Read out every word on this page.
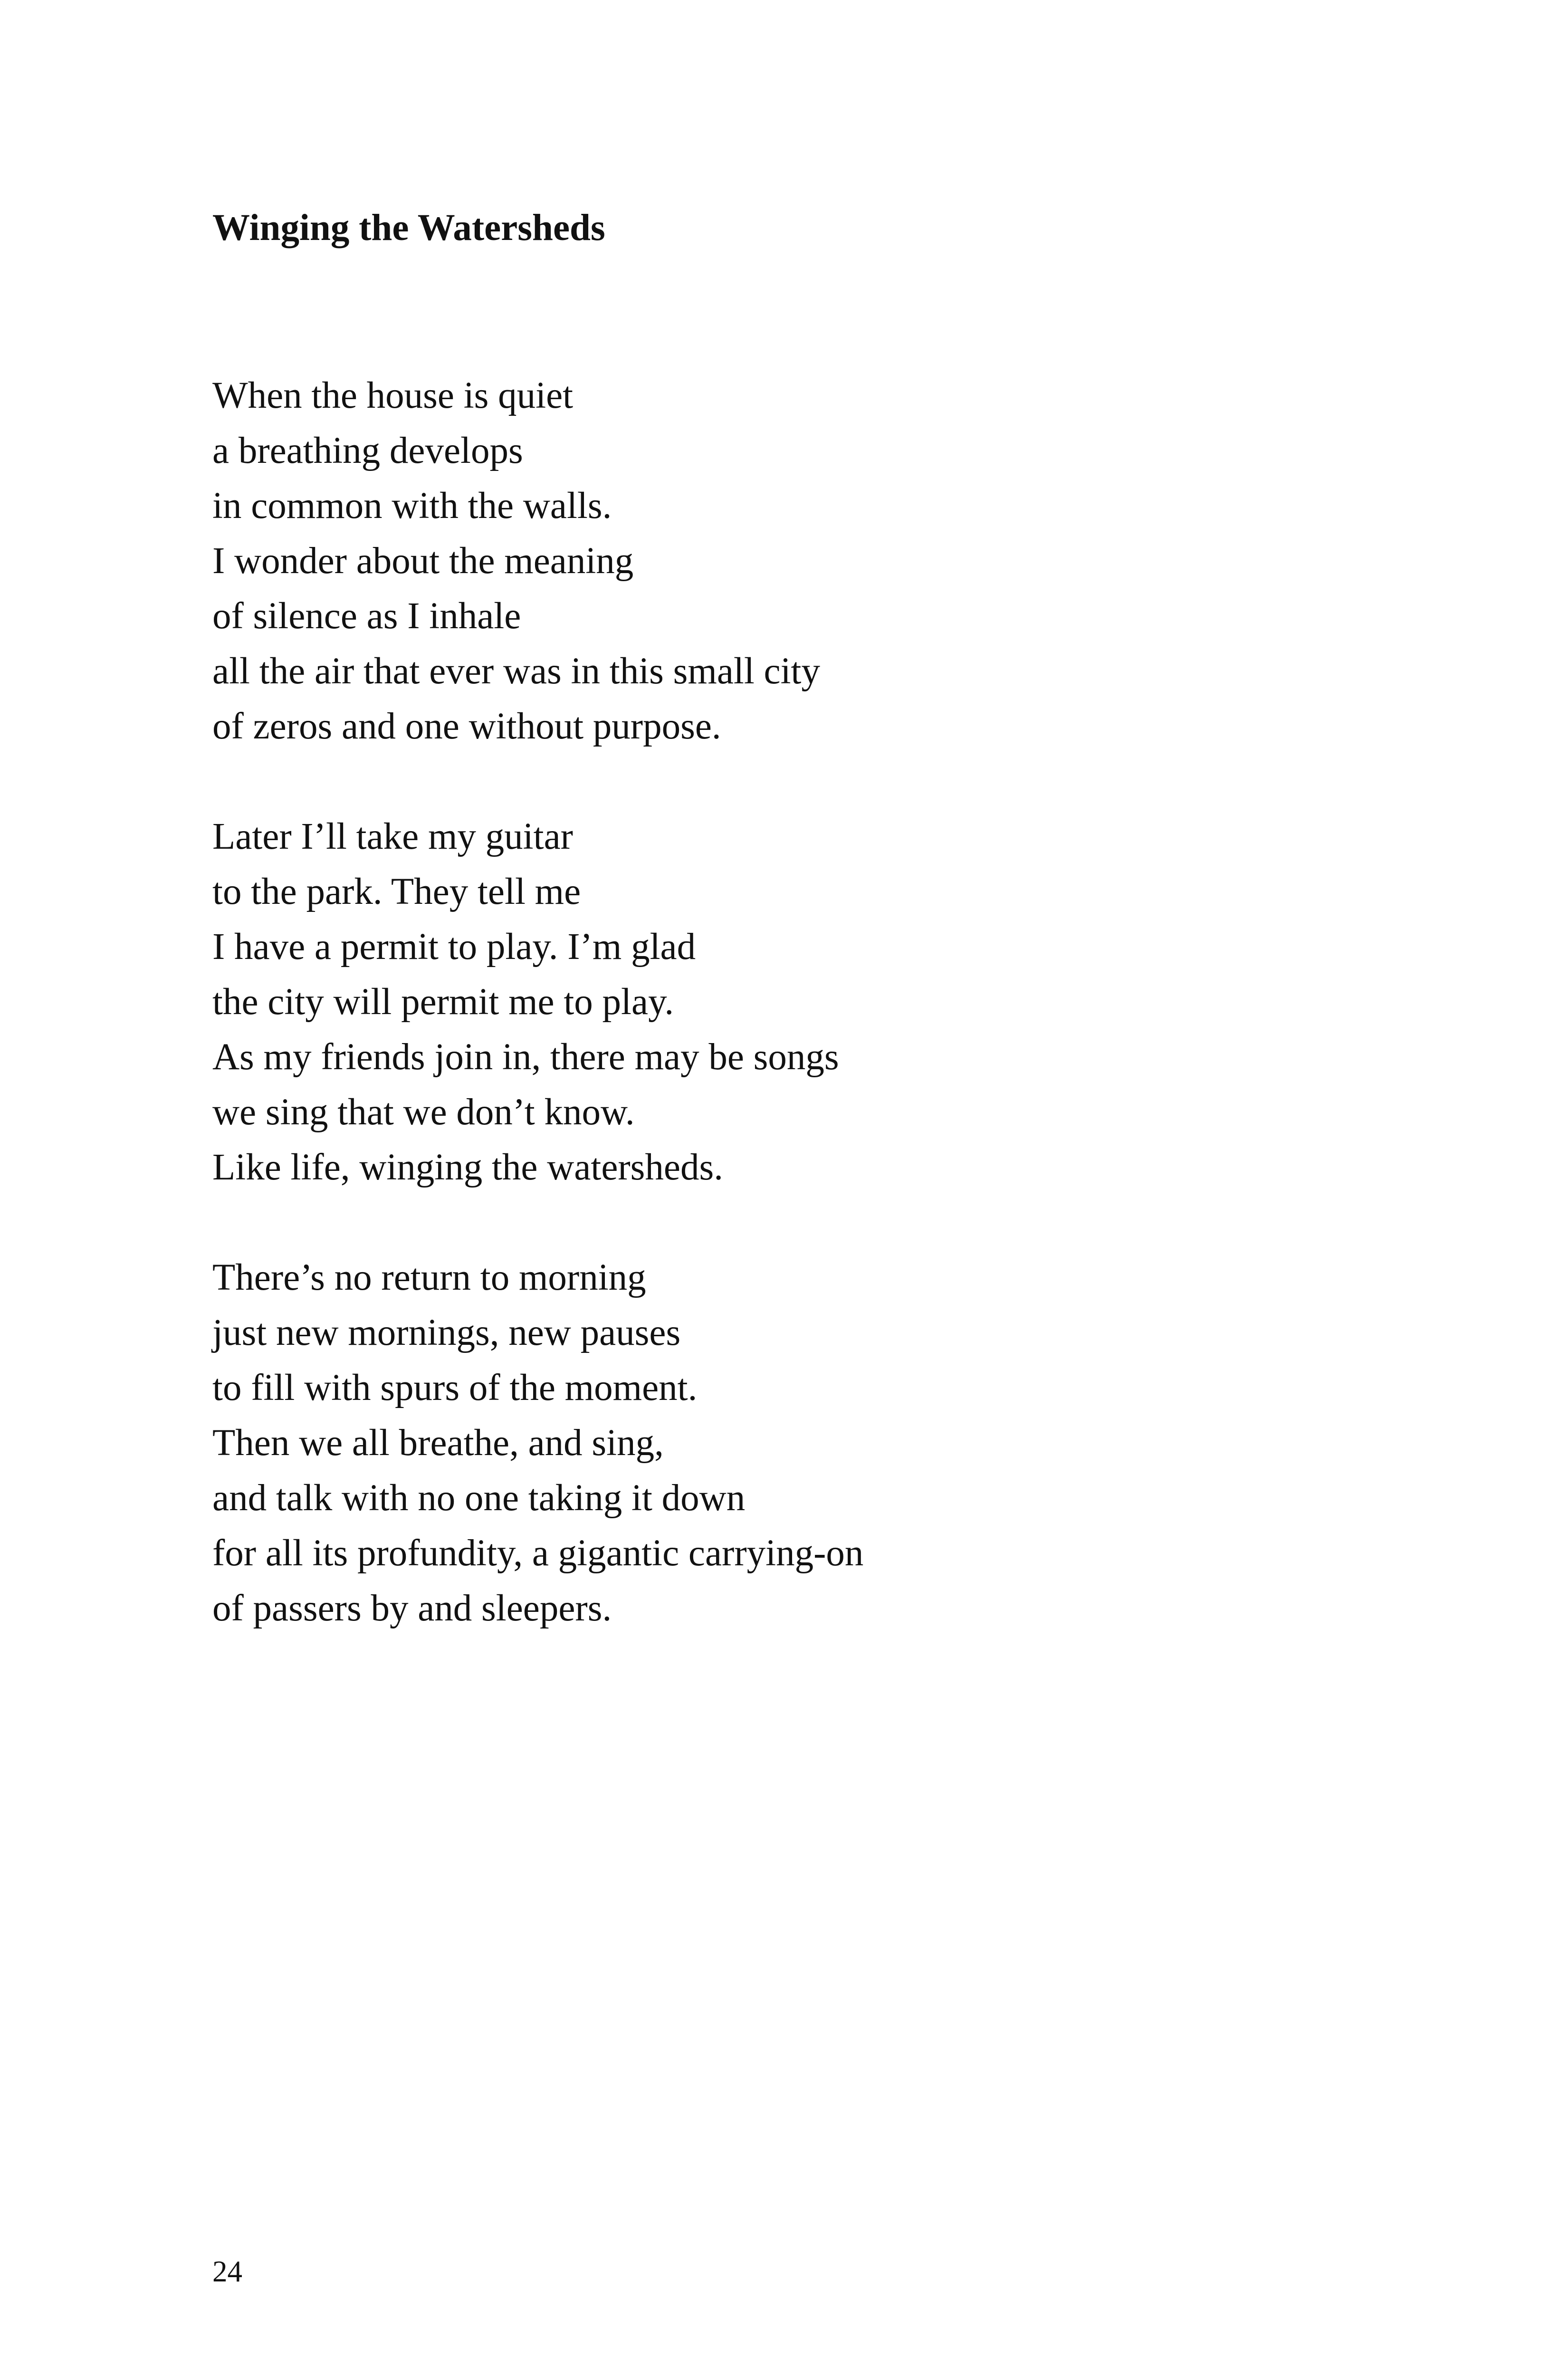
Winging the Watersheds
When the house is quiet
a breathing develops
in common with the walls.
I wonder about the meaning
of silence as I inhale
all the air that ever was in this small city
of zeros and one without purpose.
Later I’ll take my guitar
to the park. They tell me
I have a permit to play. I’m glad
the city will permit me to play.
As my friends join in, there may be songs
we sing that we don’t know.
Like life, winging the watersheds.
There’s no return to morning
just new mornings, new pauses
to fill with spurs of the moment.
Then we all breathe, and sing,
and talk with no one taking it down
for all its profundity, a gigantic carrying-on
of passers by and sleepers.

24
